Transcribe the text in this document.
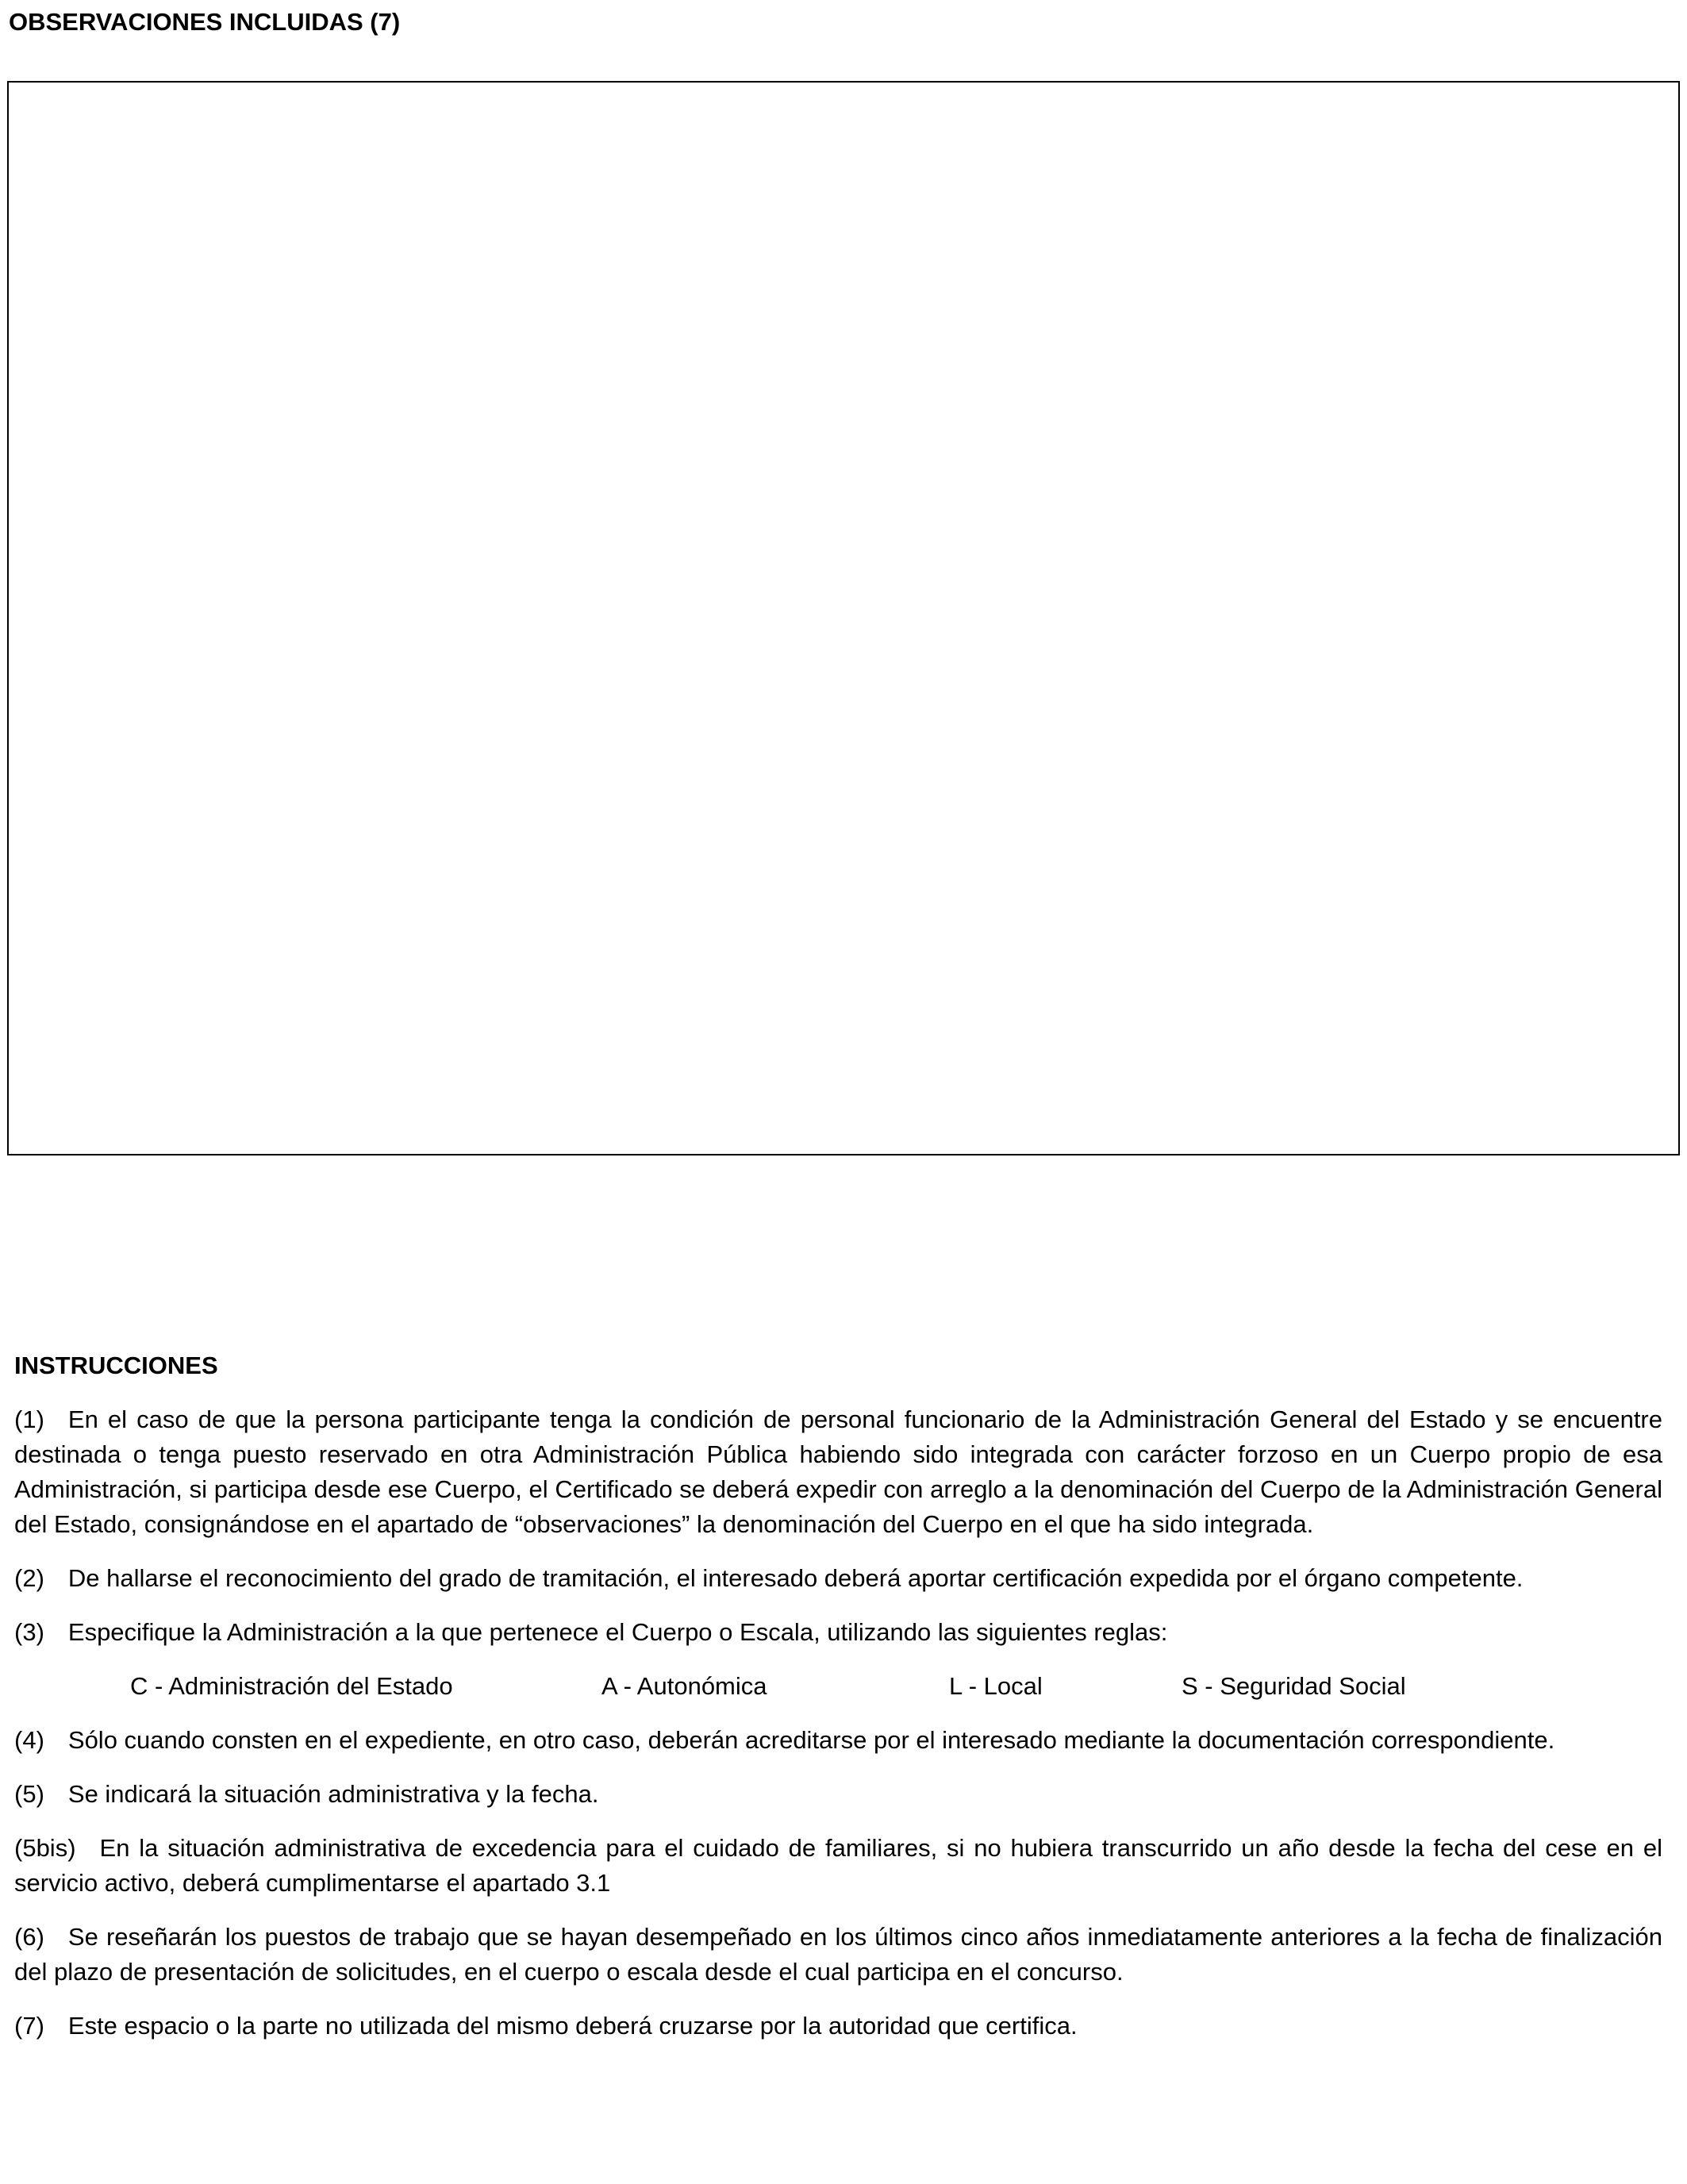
OBSERVACIONES INCLUIDAS (7)
INSTRUCCIONES
(1) En el caso de que la persona participante tenga la condición de personal funcionario de la Administración General del Estado y se encuentre destinada o tenga puesto reservado en otra Administración Pública habiendo sido integrada con carácter forzoso en un Cuerpo propio de esa Administración, si participa desde ese Cuerpo, el Certificado se deberá expedir con arreglo a la denominación del Cuerpo de la Administración General del Estado, consignándose en el apartado de “observaciones” la denominación del Cuerpo en el que ha sido integrada.
(2) De hallarse el reconocimiento del grado de tramitación, el interesado deberá aportar certificación expedida por el órgano competente.
(3) Especifique la Administración a la que pertenece el Cuerpo o Escala, utilizando las siguientes reglas:
C - Administración del Estado	A - Autonómica	L - Local	S - Seguridad Social
(4) Sólo cuando consten en el expediente, en otro caso, deberán acreditarse por el interesado mediante la documentación correspondiente.
(5) Se indicará la situación administrativa y la fecha.
(5bis) En la situación administrativa de excedencia para el cuidado de familiares, si no hubiera transcurrido un año desde la fecha del cese en el servicio activo, deberá cumplimentarse el apartado 3.1
(6) Se reseñarán los puestos de trabajo que se hayan desempeñado en los últimos cinco años inmediatamente anteriores a la fecha de finalización del plazo de presentación de solicitudes, en el cuerpo o escala desde el cual participa en el concurso.
(7) Este espacio o la parte no utilizada del mismo deberá cruzarse por la autoridad que certifica.
